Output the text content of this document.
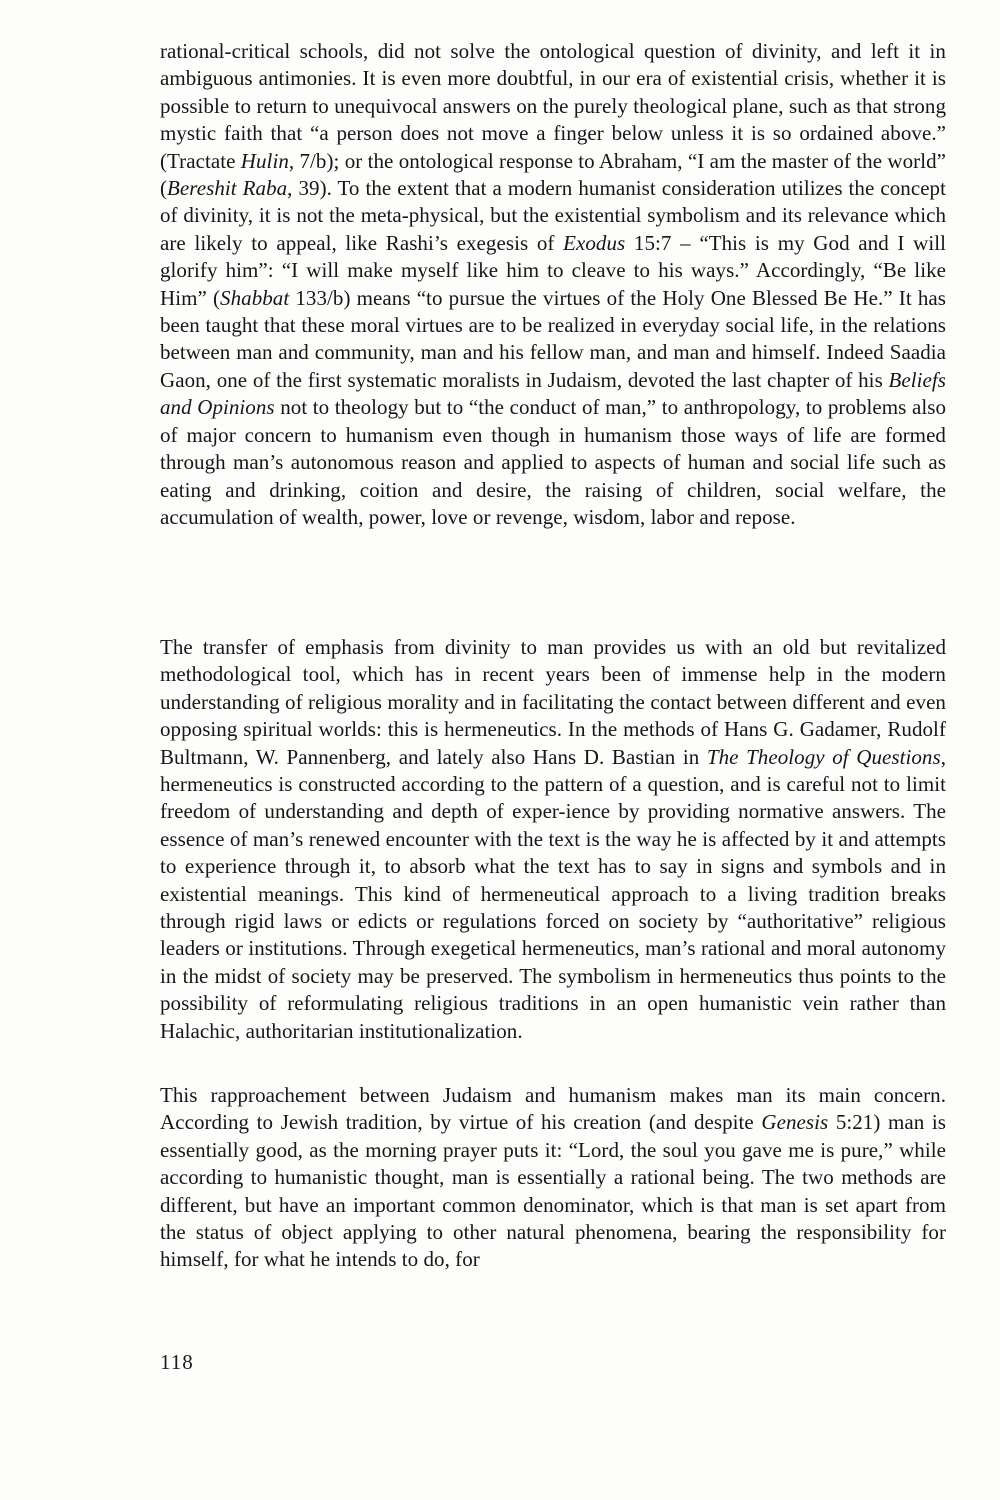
rational-critical schools, did not solve the ontological question of divinity, and left it in ambiguous antimonies. It is even more doubtful, in our era of existential crisis, whether it is possible to return to unequivocal answers on the purely theological plane, such as that strong mystic faith that “a person does not move a finger below unless it is so ordained above.” (Tractate Hulin, 7/b); or the ontological response to Abraham, “I am the master of the world” (Bereshit Raba, 39). To the extent that a modern humanist consideration utilizes the concept of divinity, it is not the meta-physical, but the existential symbolism and its relevance which are likely to appeal, like Rashi’s exegesis of Exodus 15:7 – “This is my God and I will glorify him”: “I will make myself like him to cleave to his ways.” Accordingly, “Be like Him” (Shabbat 133/b) means “to pursue the virtues of the Holy One Blessed Be He.” It has been taught that these moral virtues are to be realized in everyday social life, in the relations between man and community, man and his fellow man, and man and himself. Indeed Saadia Gaon, one of the first systematic moralists in Judaism, devoted the last chapter of his Beliefs and Opinions not to theology but to “the conduct of man,” to anthropology, to problems also of major concern to humanism even though in humanism those ways of life are formed through man’s autonomous reason and applied to aspects of human and social life such as eating and drinking, coition and desire, the raising of children, social welfare, the accumulation of wealth, power, love or revenge, wisdom, labor and repose.

The transfer of emphasis from divinity to man provides us with an old but revitalized methodological tool, which has in recent years been of immense help in the modern understanding of religious morality and in facilitating the contact between different and even opposing spiritual worlds: this is hermeneutics. In the methods of Hans G. Gadamer, Rudolf Bultmann, W. Pannenberg, and lately also Hans D. Bastian in The Theology of Questions, hermeneutics is constructed according to the pattern of a question, and is careful not to limit freedom of understanding and depth of exper-ience by providing normative answers. The essence of man’s renewed encounter with the text is the way he is affected by it and attempts to experience through it, to absorb what the text has to say in signs and symbols and in existential meanings. This kind of hermeneutical approach to a living tradition breaks through rigid laws or edicts or regulations forced on society by “authoritative” religious leaders or institutions. Through exegetical hermeneutics, man’s rational and moral autonomy in the midst of society may be preserved. The symbolism in hermeneutics thus points to the possibility of reformulating religious traditions in an open humanistic vein rather than Halachic, authoritarian institutionalization.

This rapproachement between Judaism and humanism makes man its main concern. According to Jewish tradition, by virtue of his creation (and despite Genesis 5:21) man is essentially good, as the morning prayer puts it: “Lord, the soul you gave me is pure,” while according to humanistic thought, man is essentially a rational being. The two methods are different, but have an important common denominator, which is that man is set apart from the status of object applying to other natural phenomena, bearing the responsibility for himself, for what he intends to do, for

118
